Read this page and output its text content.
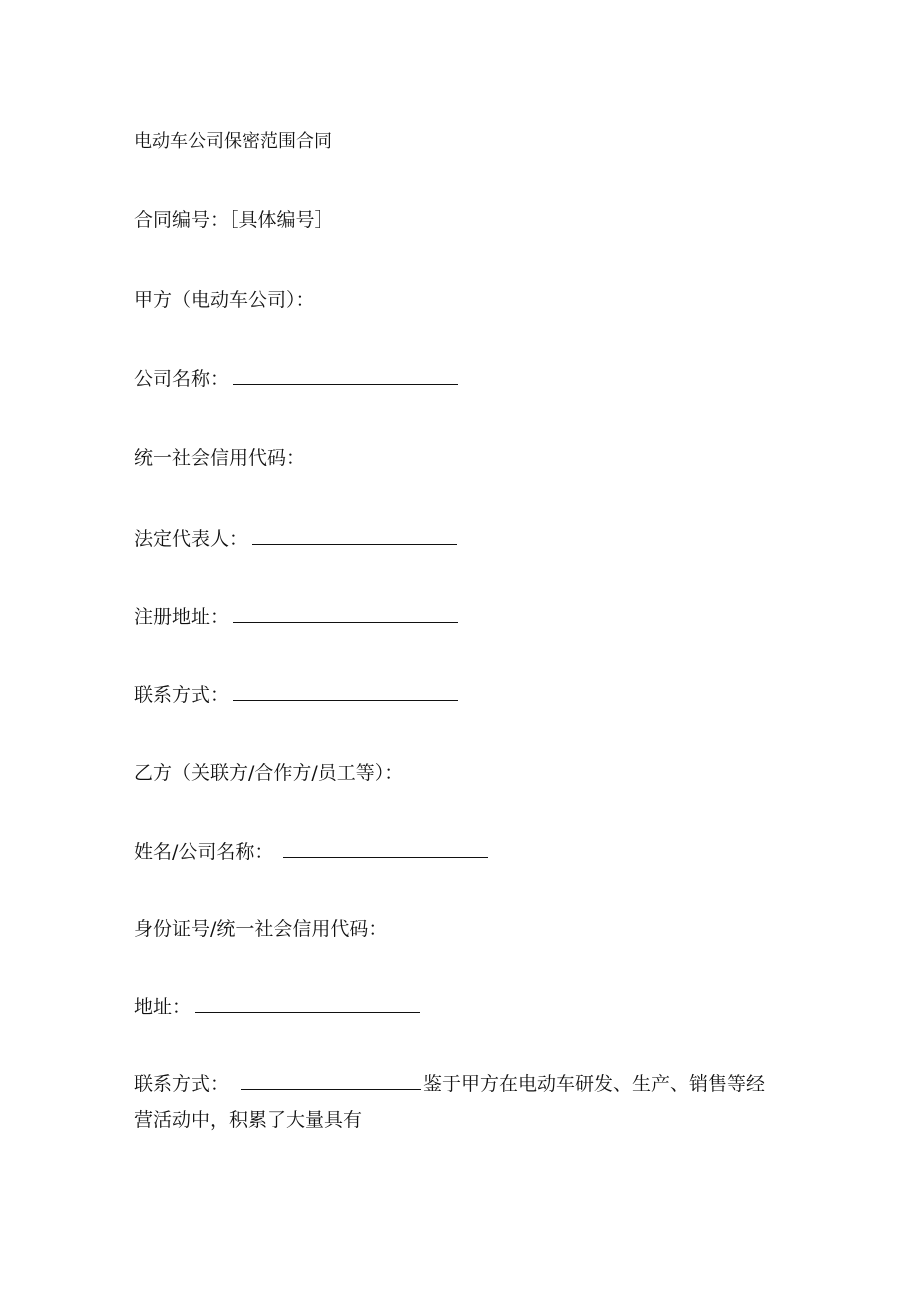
电动车公司保密范围合同
合同编号：［具体编号］
甲方（电动车公司）：
公司名称：
统一社会信用代码：
法定代表人：
注册地址：
联系方式：
乙方（关联方/合作方/员工等）：
姓名/公司名称：
身份证号/统一社会信用代码：
地址：
联系方式：	鉴于甲方在电动车研发、生产、销售等经营活动中，积累了大量具有
